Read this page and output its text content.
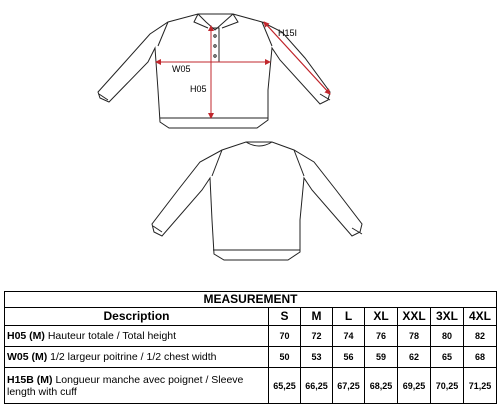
H15I
W05
H05
MEASUREMENT							
Description	S	M	L	XL	XXL	3XL	4XL
H05 (M) Hauteur totale / Total height	70	72	74	76	78	80	82
W05 (M) 1/2 largeur poitrine / 1/2 chest width	50	53	56	59	62	65	68
H15B (M) Longueur manche avec poignet / Sleeve length with cuff	65,25	66,25	67,25	68,25	69,25	70,25	71,25
